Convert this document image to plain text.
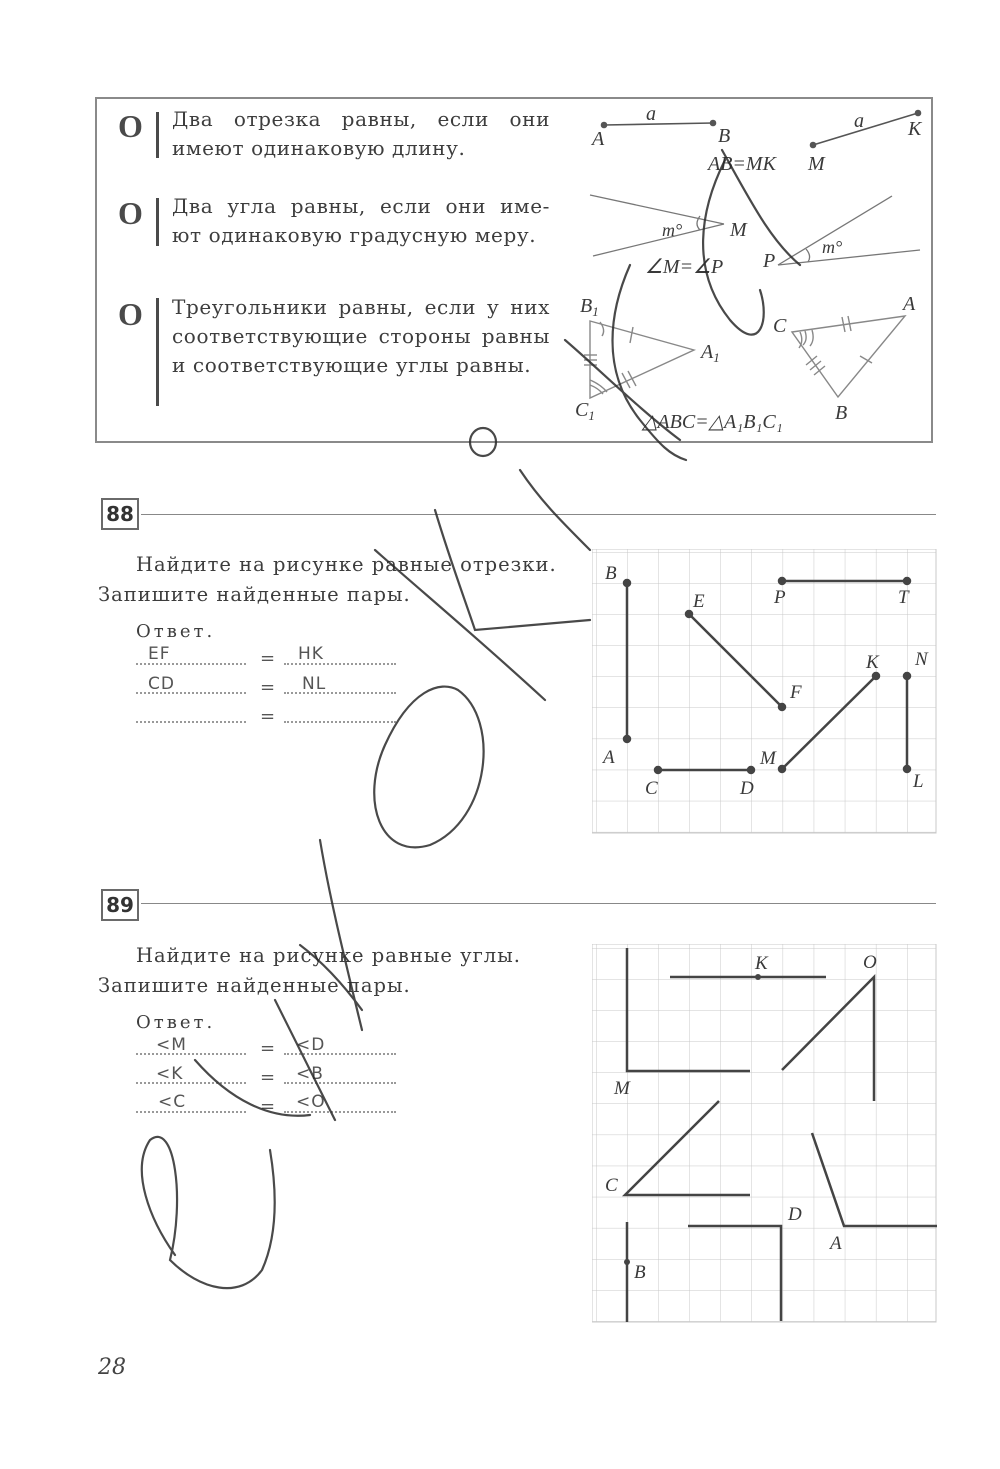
О Два отрезка равны, если они имеют одинаковую длину.
О Два угла равны, если они име- ют одинаковую градусную меру.
О Треугольники равны, если у них соответствующие стороны равны и соответствующие углы равны.
a
A	B
a K
M
AB=MK
m° M
m°
P
∠M=∠P
$B_1$
$A_1$
$C_1$
A
C
B
△ABC=△A₁B₁C₁
88
Найдите на рисунке равные отрезки.
Запишите найденные пары.
Ответ.
EF	= HK
CD	= NL
=
B
A
E
F
P	T
K N
M
L
C	D
89
Найдите на рисунке равные углы.
Запишите найденные пары.
Ответ.
<M	= <D
<K	= <B
<C	= <O
K	O
M
C
D
A
B
28
